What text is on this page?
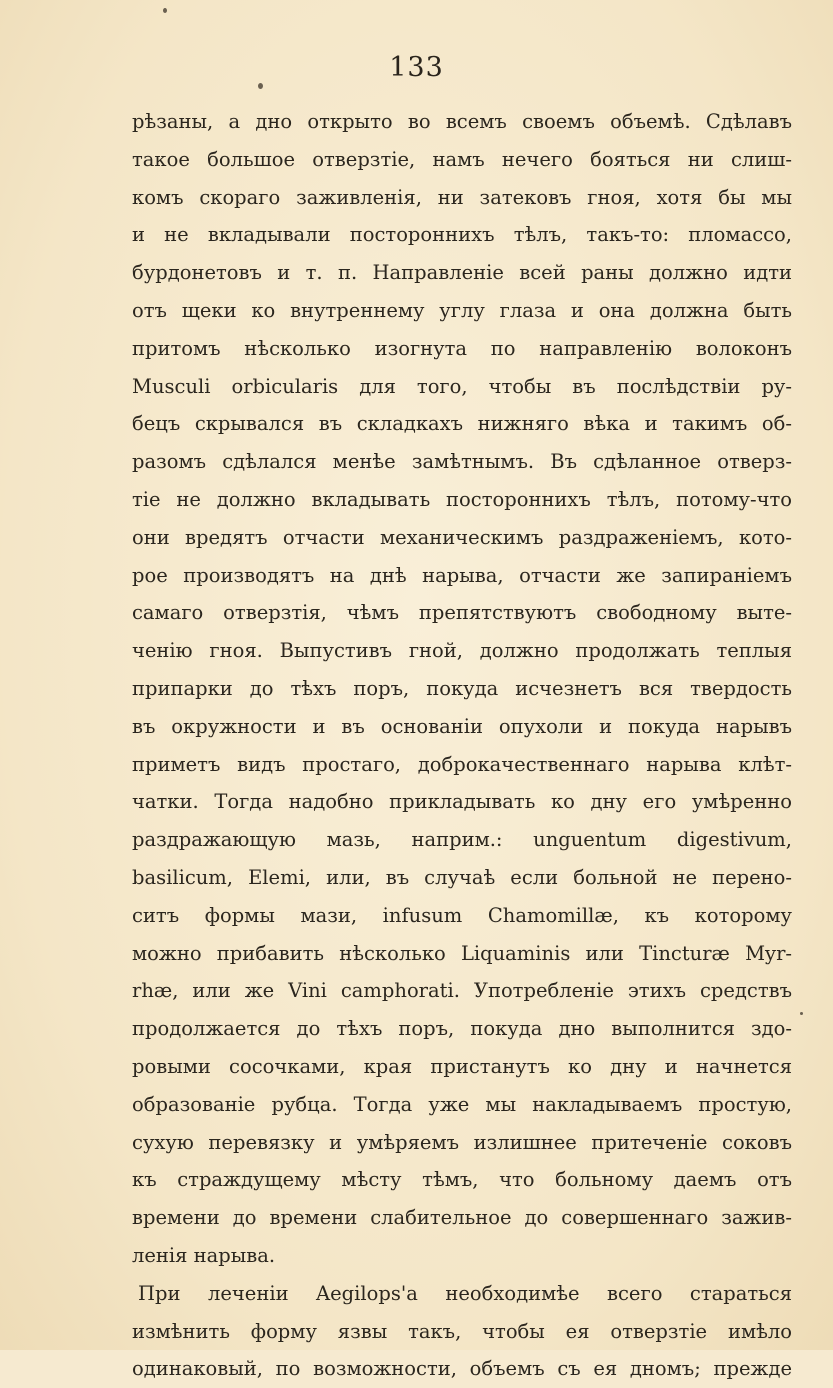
133
рѣзаны, а дно открыто во всемъ своемъ объемѣ. Сдѣлавъ
такое большое отверзтіе, намъ нечего бояться ни слиш-
комъ скораго заживленія, ни затековъ гноя, хотя бы мы
и не вкладывали постороннихъ тѣлъ, такъ-то: пломассо,
бурдонетовъ и т. п. Направленіе всей раны должно идти
отъ щеки ко внутреннему углу глаза и она должна быть
притомъ нѣсколько изогнута по направленію волоконъ
Musculi orbicularis для того, чтобы въ послѣдствіи ру-
бецъ скрывался въ складкахъ нижняго вѣка и такимъ об-
разомъ сдѣлался менѣе замѣтнымъ. Въ сдѣланное отверз-
тіе не должно вкладывать постороннихъ тѣлъ, потому-что
они вредятъ отчасти механическимъ раздраженіемъ, кото-
рое производятъ на днѣ нарыва, отчасти же запираніемъ
самаго отверзтія, чѣмъ препятствуютъ свободному выте-
ченію гноя. Выпустивъ гной, должно продолжать теплыя
припарки до тѣхъ поръ, покуда исчезнетъ вся твердость
въ окружности и въ основаніи опухоли и покуда нарывъ
приметъ видъ простаго, доброкачественнаго нарыва клѣт-
чатки. Тогда надобно прикладывать ко дну его умѣренно
раздражающую мазь, наприм.: unguentum digestivum,
basilicum, Elemi, или, въ случаѣ если больной не перено-
ситъ формы мази, infusum Chamomillæ, къ которому
можно прибавить нѣсколько Liquaminis или Tincturæ Myr-
rhæ, или же Vini camphorati. Употребленіе этихъ средствъ
продолжается до тѣхъ поръ, покуда дно выполнится здо-
ровыми сосочками, края пристанутъ ко дну и начнется
образованіе рубца. Тогда уже мы накладываемъ простую,
сухую перевязку и умѣряемъ излишнее притеченіе соковъ
къ страждущему мѣсту тѣмъ, что больному даемъ отъ
времени до времени слабительное до совершеннаго зажив-
ленія нарыва.
При леченіи Aegilops'a необходимѣе всего стараться
измѣнить форму язвы такъ, чтобы ея отверзтіе имѣло
одинаковый, по возможности, объемъ съ ея дномъ; прежде
